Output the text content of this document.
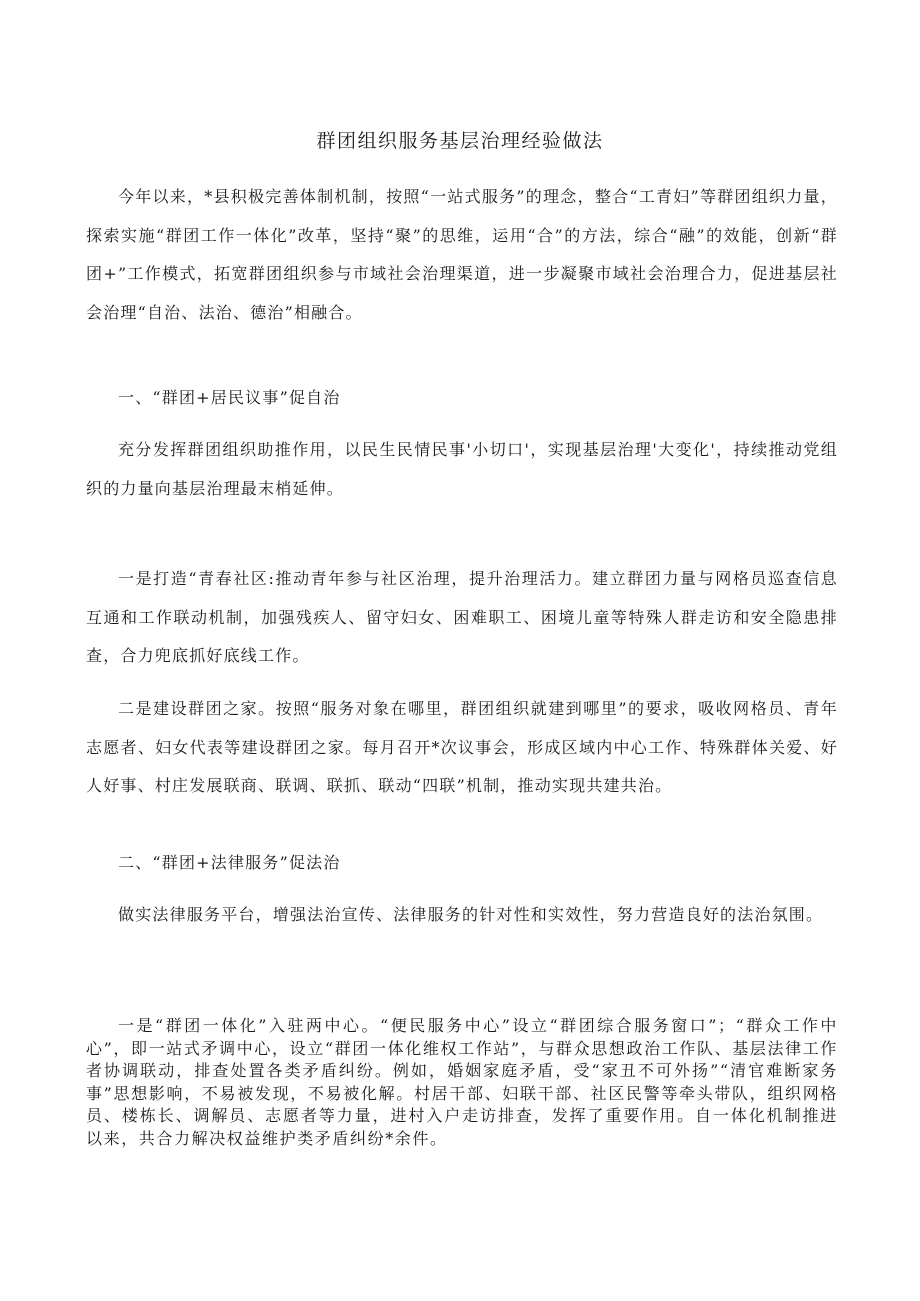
群团组织服务基层治理经验做法

今年以来，*县积极完善体制机制，按照“一站式服务”的理念，整合“工青妇”等群团组织力量，探索实施“群团工作一体化”改革，坚持“聚”的思维，运用“合”的方法，综合“融”的效能，创新“群团+”工作模式，拓宽群团组织参与市域社会治理渠道，进一步凝聚市域社会治理合力，促进基层社会治理“自治、法治、德治”相融合。

一、“群团+居民议事”促自治

充分发挥群团组织助推作用，以民生民情民事'小切口'，实现基层治理'大变化'，持续推动党组织的力量向基层治理最末梢延伸。

一是打造“青春社区:推动青年参与社区治理，提升治理活力。建立群团力量与网格员巡查信息互通和工作联动机制，加强残疾人、留守妇女、困难职工、困境儿童等特殊人群走访和安全隐患排查，合力兜底抓好底线工作。

二是建设群团之家。按照“服务对象在哪里，群团组织就建到哪里”的要求，吸收网格员、青年志愿者、妇女代表等建设群团之家。每月召开*次议事会，形成区域内中心工作、特殊群体关爱、好人好事、村庄发展联商、联调、联抓、联动“四联”机制，推动实现共建共治。

二、“群团+法律服务”促法治

做实法律服务平台，增强法治宣传、法律服务的针对性和实效性，努力营造良好的法治氛围。

一是“群团一体化”入驻两中心。“便民服务中心”设立“群团综合服务窗口”；“群众工作中心”，即一站式矛调中心，设立“群团一体化维权工作站”，与群众思想政治工作队、基层法律工作者协调联动，排查处置各类矛盾纠纷。例如，婚姻家庭矛盾，受“家丑不可外扬”“清官难断家务事”思想影响，不易被发现，不易被化解。村居干部、妇联干部、社区民警等牵头带队，组织网格员、楼栋长、调解员、志愿者等力量，进村入户走访排查，发挥了重要作用。自一体化机制推进以来，共合力解决权益维护类矛盾纠纷*余件。
